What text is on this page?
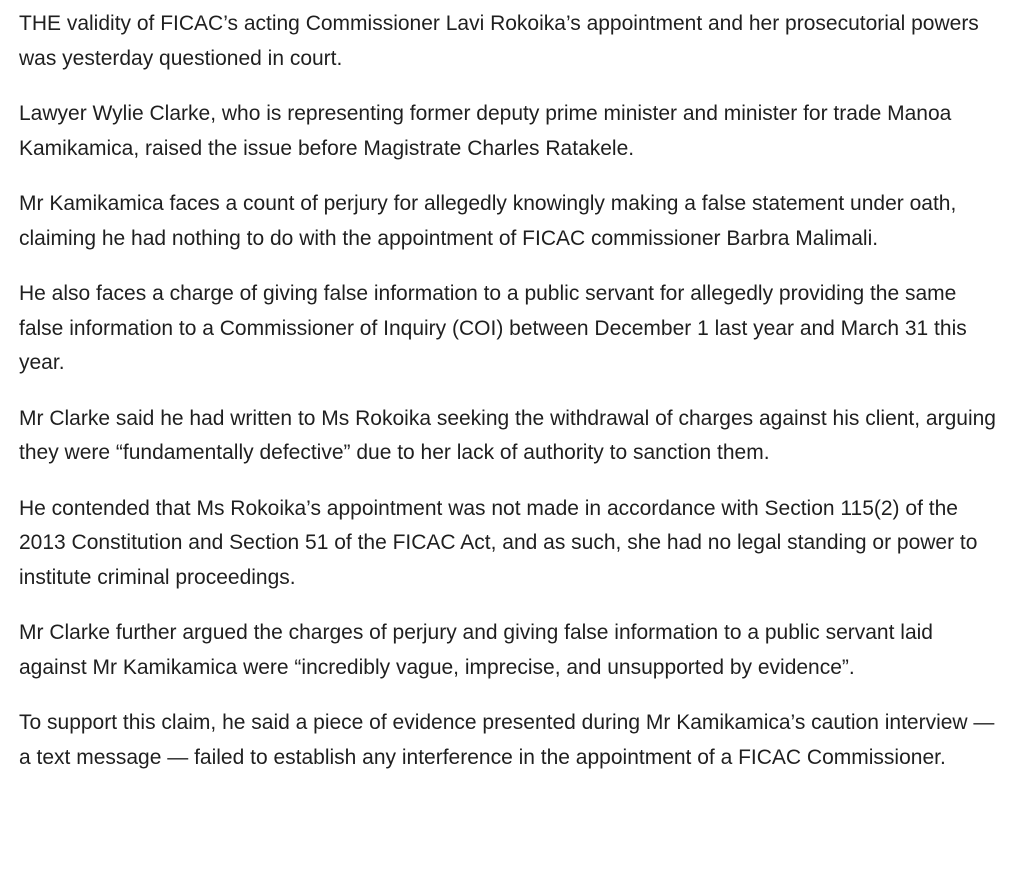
THE validity of FICAC’s acting Commissioner Lavi Rokoika’s appointment and her prosecutorial powers was yesterday questioned in court.

Lawyer Wylie Clarke, who is representing former deputy prime minister and minister for trade Manoa Kamikamica, raised the issue before Magistrate Charles Ratakele.

Mr Kamikamica faces a count of perjury for allegedly knowingly making a false statement under oath, claiming he had nothing to do with the appointment of FICAC commissioner Barbra Malimali.

He also faces a charge of giving false information to a public servant for allegedly providing the same false information to a Commissioner of Inquiry (COI) between December 1 last year and March 31 this year.

Mr Clarke said he had written to Ms Rokoika seeking the withdrawal of charges against his client, arguing they were “fundamentally defective” due to her lack of authority to sanction them.

He contended that Ms Rokoika’s appointment was not made in accordance with Section 115(2) of the 2013 Constitution and Section 51 of the FICAC Act, and as such, she had no legal standing or power to institute criminal proceedings.

Mr Clarke further argued the charges of perjury and giving false information to a public servant laid against Mr Kamikamica were “incredibly vague, imprecise, and unsupported by evidence”.

To support this claim, he said a piece of evidence presented during Mr Kamikamica’s caution interview — a text message — failed to establish any interference in the appointment of a FICAC Commissioner.
